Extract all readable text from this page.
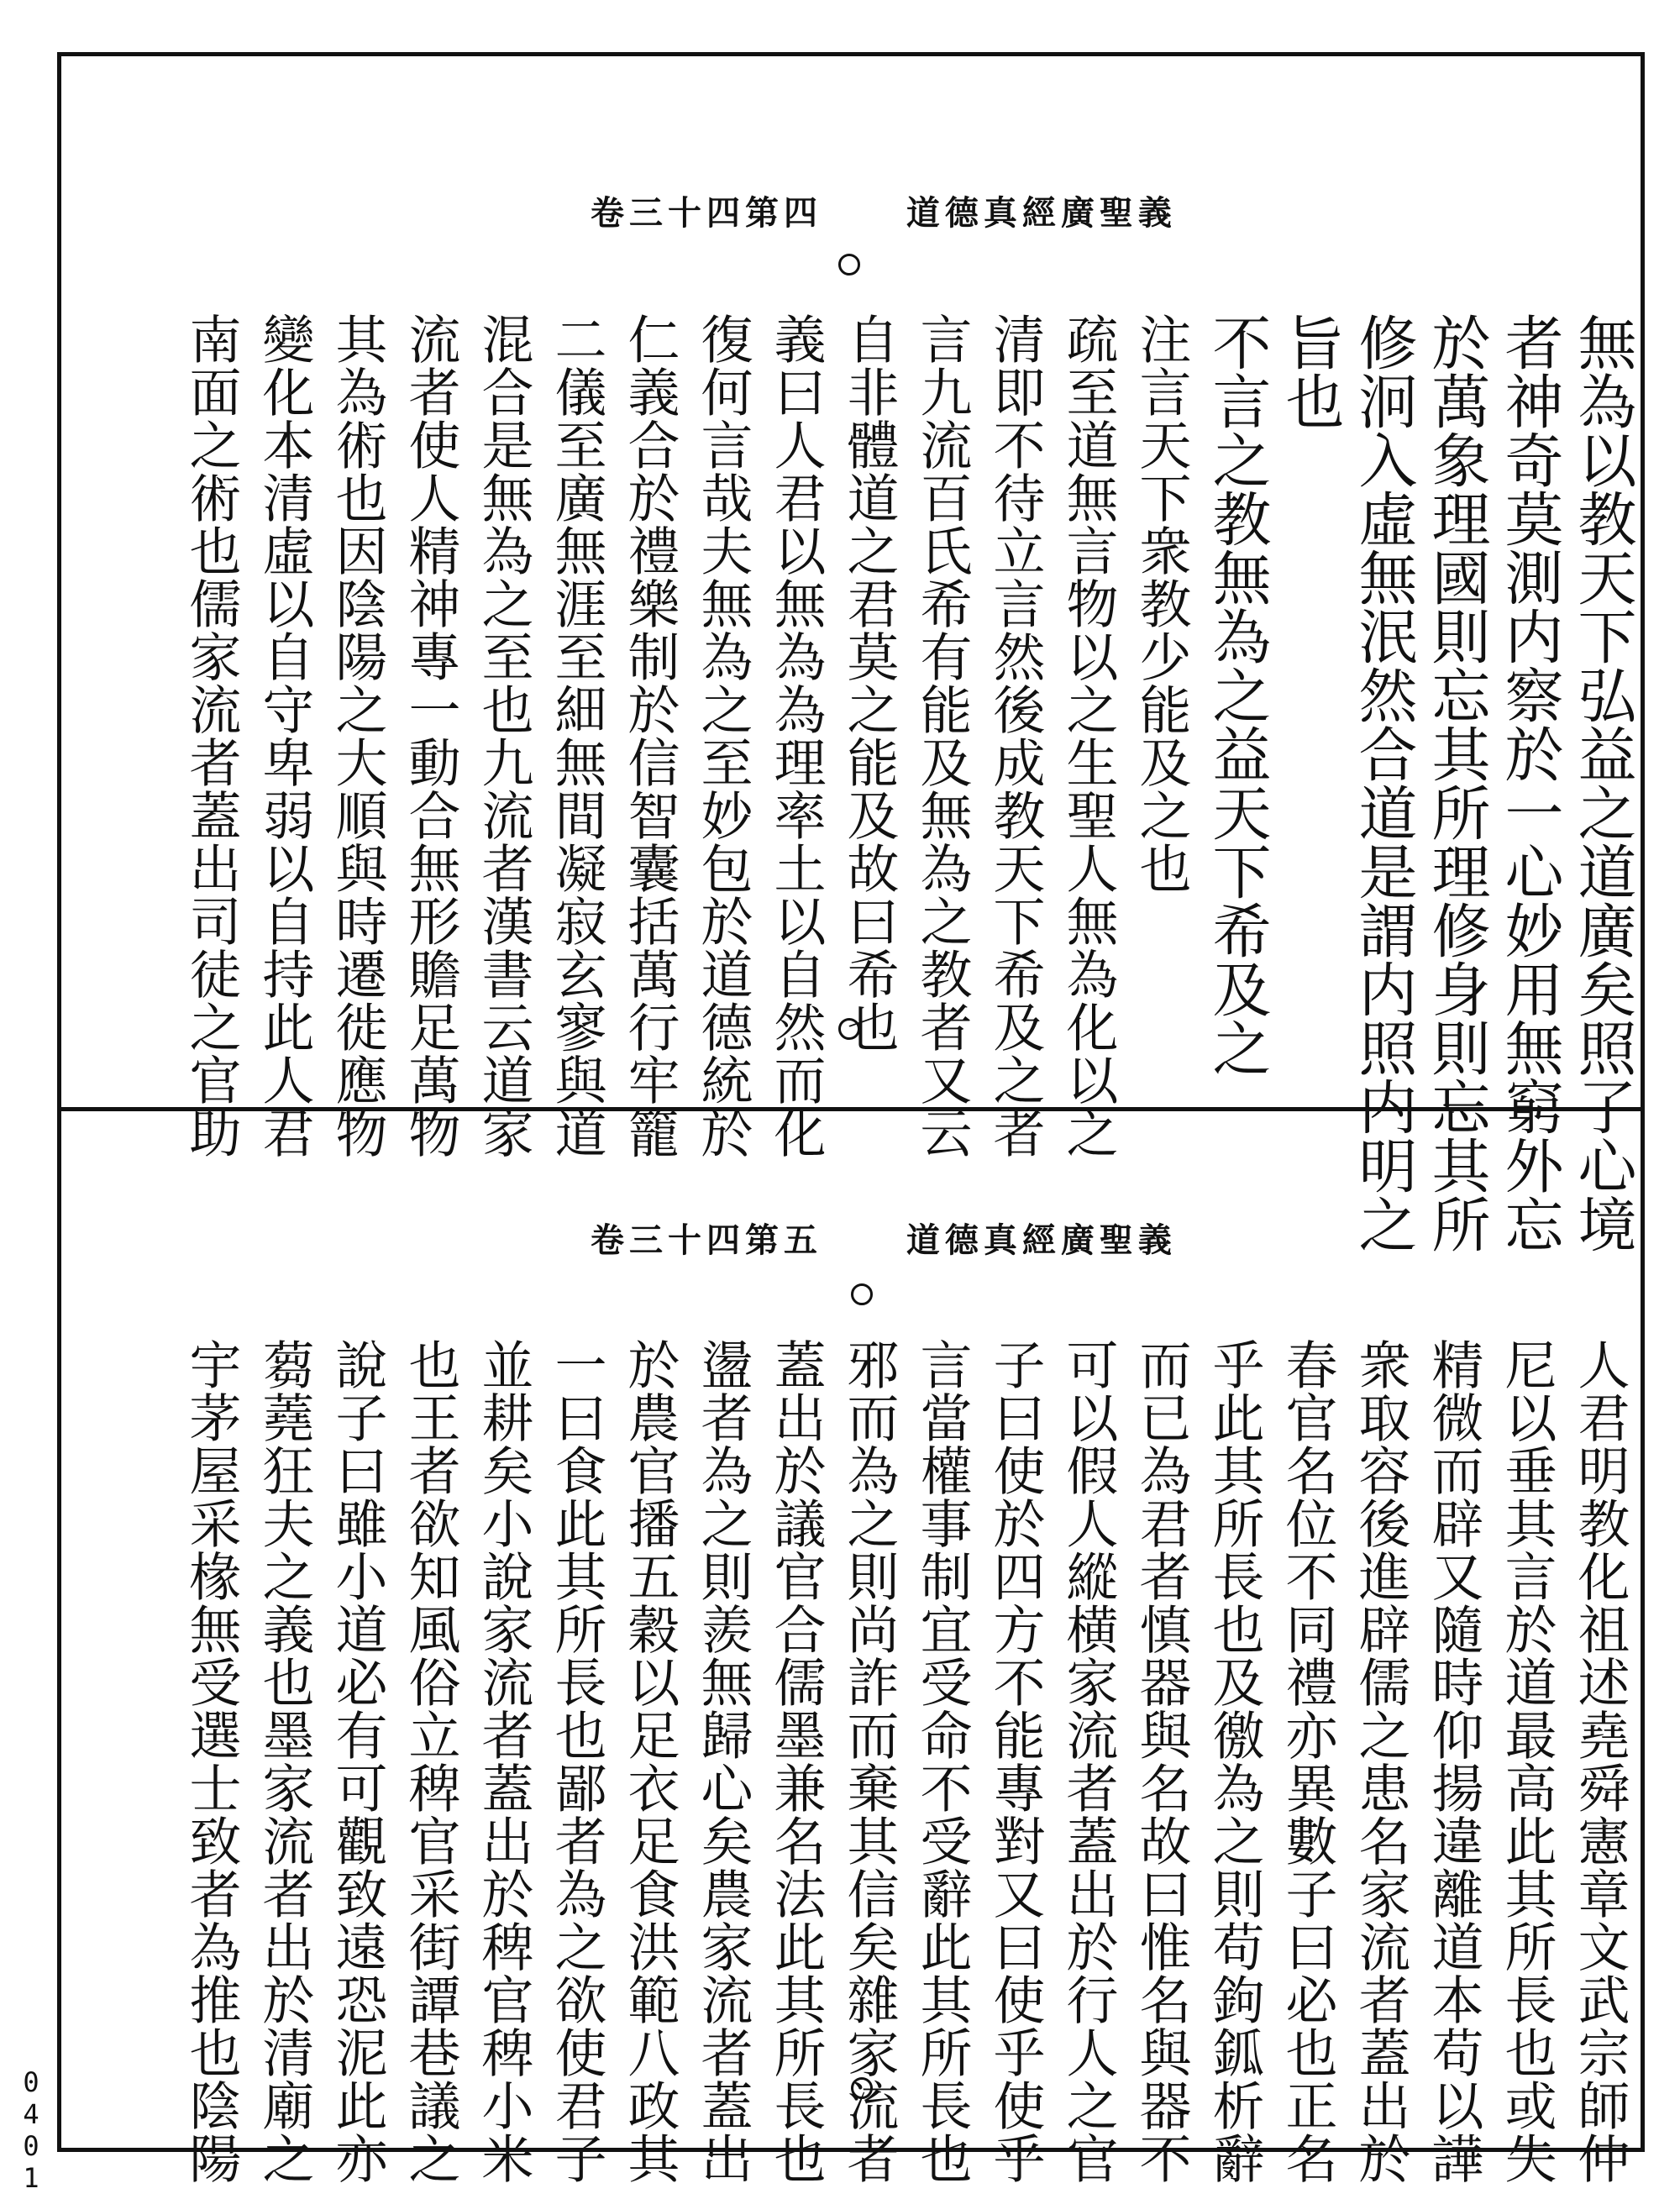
卷三十四第四 道德真經廣聖義
無為以教天下弘益之道廣矣照了心境
者神奇莫測内察於一心妙用無窮外忘
於萬象理國則忘其所理修身則忘其所
修泂入虛無泯然合道是謂内照内明之
旨也
不言之教無為之益天下希及之
注言天下衆教少能及之也
疏至道無言物以之生聖人無為化以之
清即不待立言然後成教天下希及之者
言九流百氏希有能及無為之教者又云
自非體道之君莫之能及故曰希也
義曰人君以無為為理率土以自然而化
復何言哉夫無為之至妙包於道德統於
仁義合於禮樂制於信智囊括萬行牢籠
二儀至廣無涯至細無間凝寂玄寥與道
混合是無為之至也九流者漢書云道家
流者使人精神專一動合無形贍足萬物
其為術也因陰陽之大順與時遷徙應物
變化本清虛以自守卑弱以自持此人君
南面之術也儒家流者蓋出司徒之官助
卷三十四第五 道德真經廣聖義
人君明教化祖述堯舜憲章文武宗師仲
尼以垂其言於道最高此其所長也或失
精微而辟又隨時仰揚違離道本苟以譁
衆取容後進辟儒之患名家流者蓋出於
春官名位不同禮亦異數子曰必也正名
乎此其所長也及徼為之則苟鉤鈲析辭
而已為君者慎器與名故曰惟名與器不
可以假人縱横家流者蓋出於行人之官
子曰使於四方不能專對又曰使乎使乎
言當權事制宜受命不受辭此其所長也
邪而為之則尚詐而棄其信矣雜家流者
蓋出於議官合儒墨兼名法此其所長也
盪者為之則羨無歸心矣農家流者蓋出
於農官播五穀以足衣足食洪範八政其
一曰食此其所長也鄙者為之欲使君子
並耕矣小說家流者蓋出於稗官稗小米
也王者欲知風俗立稗官采街譚巷議之
說子曰雖小道必有可觀致遠恐泥此亦
蒭蕘狂夫之義也墨家流者出於清廟之
宇茅屋采椽無受選士致者為推也陰陽
0401
